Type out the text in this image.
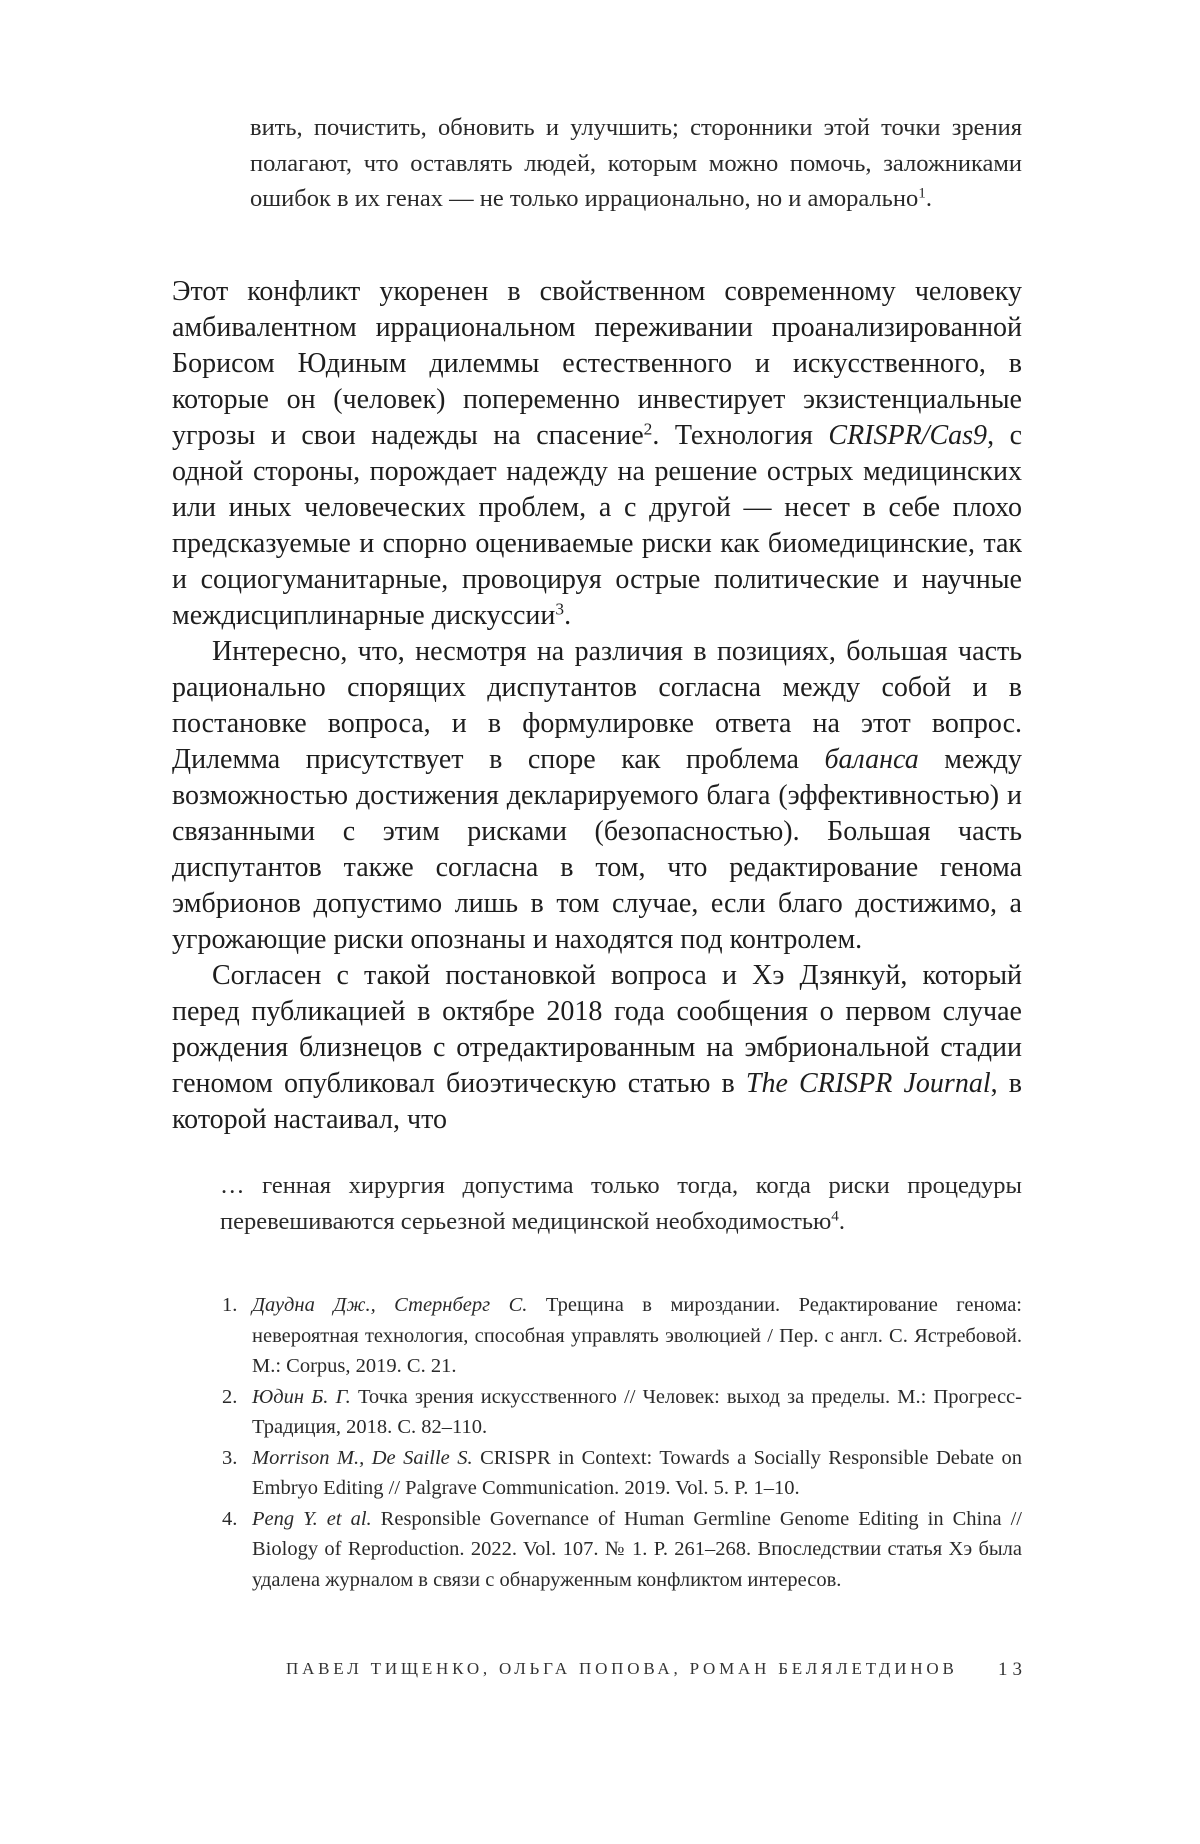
вить, почистить, обновить и улучшить; сторонники этой точки зрения полагают, что оставлять людей, которым можно помочь, заложниками ошибок в их генах — не только иррационально, но и аморально$^1$.

Этот конфликт укоренен в свойственном современному человеку амбивалентном иррациональном переживании проанализированной Борисом Юдиным дилеммы естественного и искусственного, в которые он (человек) попеременно инвестирует экзистенциальные угрозы и свои надежды на спасение$^2$. Технология CRISPR/Cas9, с одной стороны, порождает надежду на решение острых медицинских или иных человеческих проблем, а с другой — несет в себе плохо предсказуемые и спорно оцениваемые риски как биомедицинские, так и социогуманитарные, провоцируя острые политические и научные междисциплинарные дискуссии$^3$.

Интересно, что, несмотря на различия в позициях, большая часть рационально спорящих диспутантов согласна между собой и в постановке вопроса, и в формулировке ответа на этот вопрос. Дилемма присутствует в споре как проблема баланса между возможностью достижения декларируемого блага (эффективностью) и связанными с этим рисками (безопасностью). Большая часть диспутантов также согласна в том, что редактирование генома эмбрионов допустимо лишь в том случае, если благо достижимо, а угрожающие риски опознаны и находятся под контролем.

Согласен с такой постановкой вопроса и Хэ Дзянкуй, который перед публикацией в октябре 2018 года сообщения о первом случае рождения близнецов с отредактированным на эмбриональной стадии геномом опубликовал биоэтическую статью в The CRISPR Journal, в которой настаивал, что

… генная хирургия допустима только тогда, когда риски процедуры перевешиваются серьезной медицинской необходимостью$^4$.

1. Даудна Дж., Стернберг С. Трещина в мироздании. Редактирование генома: невероятная технология, способная управлять эволюцией / Пер. с англ. С. Ястребовой. М.: Corpus, 2019. С. 21.

2. Юдин Б. Г. Точка зрения искусственного // Человек: выход за пределы. М.: Прогресс-Традиция, 2018. С. 82–110.

3. Morrison M., De Saille S. CRISPR in Context: Towards a Socially Responsible Debate on Embryo Editing // Palgrave Communication. 2019. Vol. 5. P. 1–10.

4. Peng Y. et al. Responsible Governance of Human Germline Genome Editing in China // Biology of Reproduction. 2022. Vol. 107. № 1. P. 261–268. Впоследствии статья Хэ была удалена журналом в связи с обнаруженным конфликтом интересов.

ПАВЕЛ ТИЩЕНКО, ОЛЬГА ПОПОВА, РОМАН БЕЛЯЛЕТДИНОВ	13
